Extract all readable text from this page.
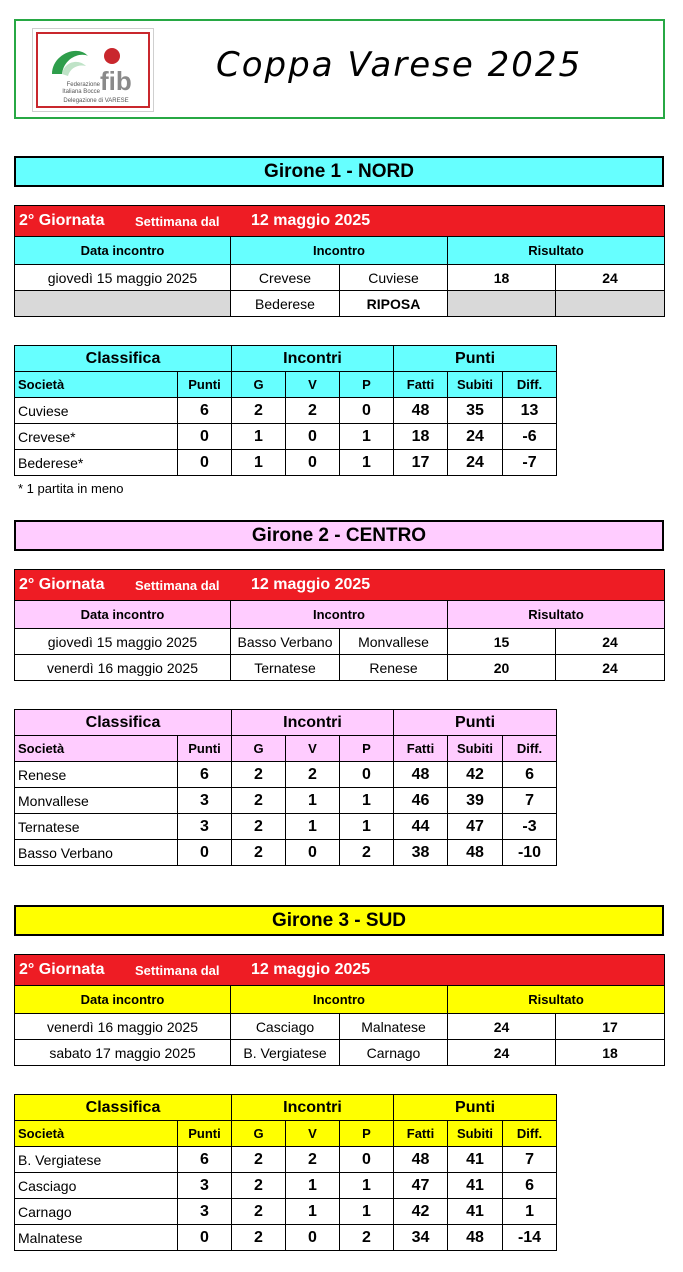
fib
Federazione Italiana Bocce
Delegazione di VARESE
Coppa Varese 2025
Girone 1 - NORD
2° Giornata Settimana dal 12 maggio 2025				

Data incontro	Incontro		Risultato	
giovedì 15 maggio 2025	Crevese	Cuviese	18	24
	Bederese	RIPOSA		
Classifica		Incontri			Punti		
Società	Punti	G	V	P	Fatti	Subiti	Diff.
Cuviese	6	2	2	0	48	35	13
Crevese*	0	1	0	1	18	24	-6
Bederese*	0	1	0	1	17	24	-7
* 1 partita in meno
Girone 2 - CENTRO
2° Giornata Settimana dal 12 maggio 2025				

Data incontro	Incontro		Risultato	
giovedì 15 maggio 2025	Basso Verbano	Monvallese	15	24
venerdì 16 maggio 2025	Ternatese	Renese	20	24
Classifica		Incontri			Punti		
Società	Punti	G	V	P	Fatti	Subiti	Diff.
Renese	6	2	2	0	48	42	6
Monvallese	3	2	1	1	46	39	7
Ternatese	3	2	1	1	44	47	-3
Basso Verbano	0	2	0	2	38	48	-10
Girone 3 - SUD
2° Giornata Settimana dal 12 maggio 2025				

Data incontro	Incontro		Risultato	
venerdì 16 maggio 2025	Casciago	Malnatese	24	17
sabato 17 maggio 2025	B. Vergiatese	Carnago	24	18
Classifica		Incontri			Punti		
Società	Punti	G	V	P	Fatti	Subiti	Diff.
B. Vergiatese	6	2	2	0	48	41	7
Casciago	3	2	1	1	47	41	6
Carnago	3	2	1	1	42	41	1
Malnatese	0	2	0	2	34	48	-14
